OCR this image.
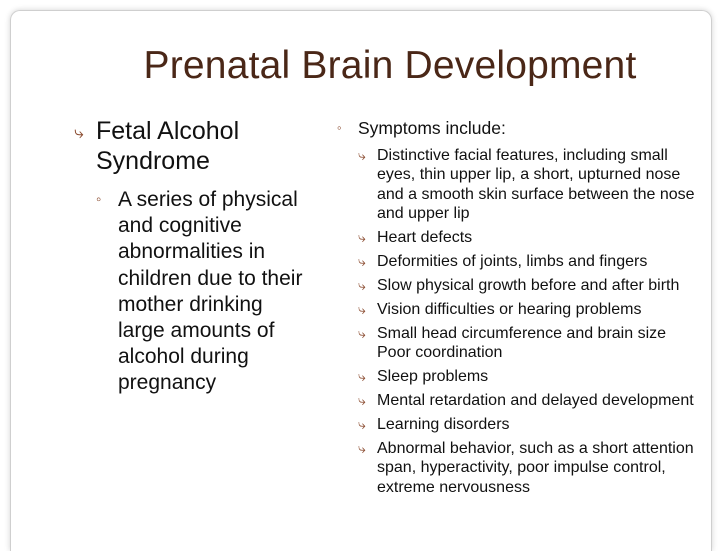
Prenatal Brain Development
⤷ Fetal Alcohol Syndrome
◦ A series of physical and cognitive abnormalities in children due to their mother drinking large amounts of alcohol during pregnancy
◦ Symptoms include:
⤷ Distinctive facial features, including small eyes, thin upper lip, a short, upturned nose and a smooth skin surface between the nose and upper lip
⤷ Heart defects
⤷ Deformities of joints, limbs and fingers
⤷ Slow physical growth before and after birth
⤷ Vision difficulties or hearing problems
⤷ Small head circumference and brain size Poor coordination
⤷ Sleep problems
⤷ Mental retardation and delayed development
⤷ Learning disorders
⤷ Abnormal behavior, such as a short attention span, hyperactivity, poor impulse control, extreme nervousness
